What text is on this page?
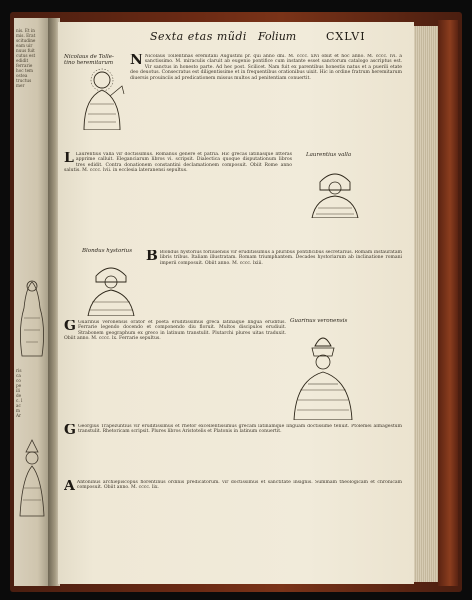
nis. Et in
mis. Erat
scitudine
eam uir
nuus fuit
cutus est
edidit
ferrarie
hoc tem
ostea
tructus
mer
ris
ca
co
pe
ili
de
c. l
ac
m
Ar
Sexta etas mũdi Folium	CXLVI
Nicolaus de Tolle-
tino heremitarum	N Nicolaus Tollentinas eremitani Augustini pr. qui anno dni. M. cccc. xlvi obiit et hoc anno. M. cccc. lvi. a sanctissimo. M. miraculis claruit ab eugenio pontifice cum instante esset sanctorum catalogo ascriptus est. Vir sanctus in honesto parte. Ad hec post. Scilicet. Nam fuit ex parentibus honestis natus et a puerili etate deo deuotus. Consecratus est diligentissime et in frequentibus orationibus uixit. Hic in ordine fratrum heremitarum diuersis prouinciis ad predicationem missus multos ad penitentiam conuertit.

L Laurentius valla vir doctissimus. Romanus genere et patria. Hic grecas latinasque litteras apprime calluit. Eleganciarum libros vi. scripsit. Dialectica quoque disputationum libros tres edidit. Contra donationem constantini declamationem composuit. Obiit Rome anno salutis. M. cccc. lvii. in ecclesia lateranensi sepultus.

Laurentius valla
Blondus hystorius B Blondus hystorius forliuiensis vir eruditissimus a pluribus pontificibus secretarius. Romam instauratam libris tribus. Italiam illustratam. Romam triumphantem. Decades hystoriarum ab inclinatione romani imperii composuit. Obiit anno. M. cccc. lxiii.

G Guarinus veronensis orator et poeta eruditissimus greca latinaque lingua eruditus. Ferrarie legendo docendo et componendo diu floruit. Multos discipulos erudiuit. Strabonem geographum ex greco in latinum transtulit. Plutarchi plures uitas traduxit. Obiit anno. M. cccc. lx. Ferrarie sepultus.

Guarinus veronensis

G Georgius Trapezuntius vir eruditissimus et rhetor excellentissimus grecam latinamque linguam doctissime tenuit. Ptolemei almagestum transtulit. Rhetoricam scripsit. Plures libros Aristotelis et Platonis in latinum conuertit.

A Antoninus archiepiscopus florentinus ordinis predicatorum. vir doctissimus et sanctitate insignis. Summam theologicam et chronicam composuit. Obiit anno. M. cccc. lix.
